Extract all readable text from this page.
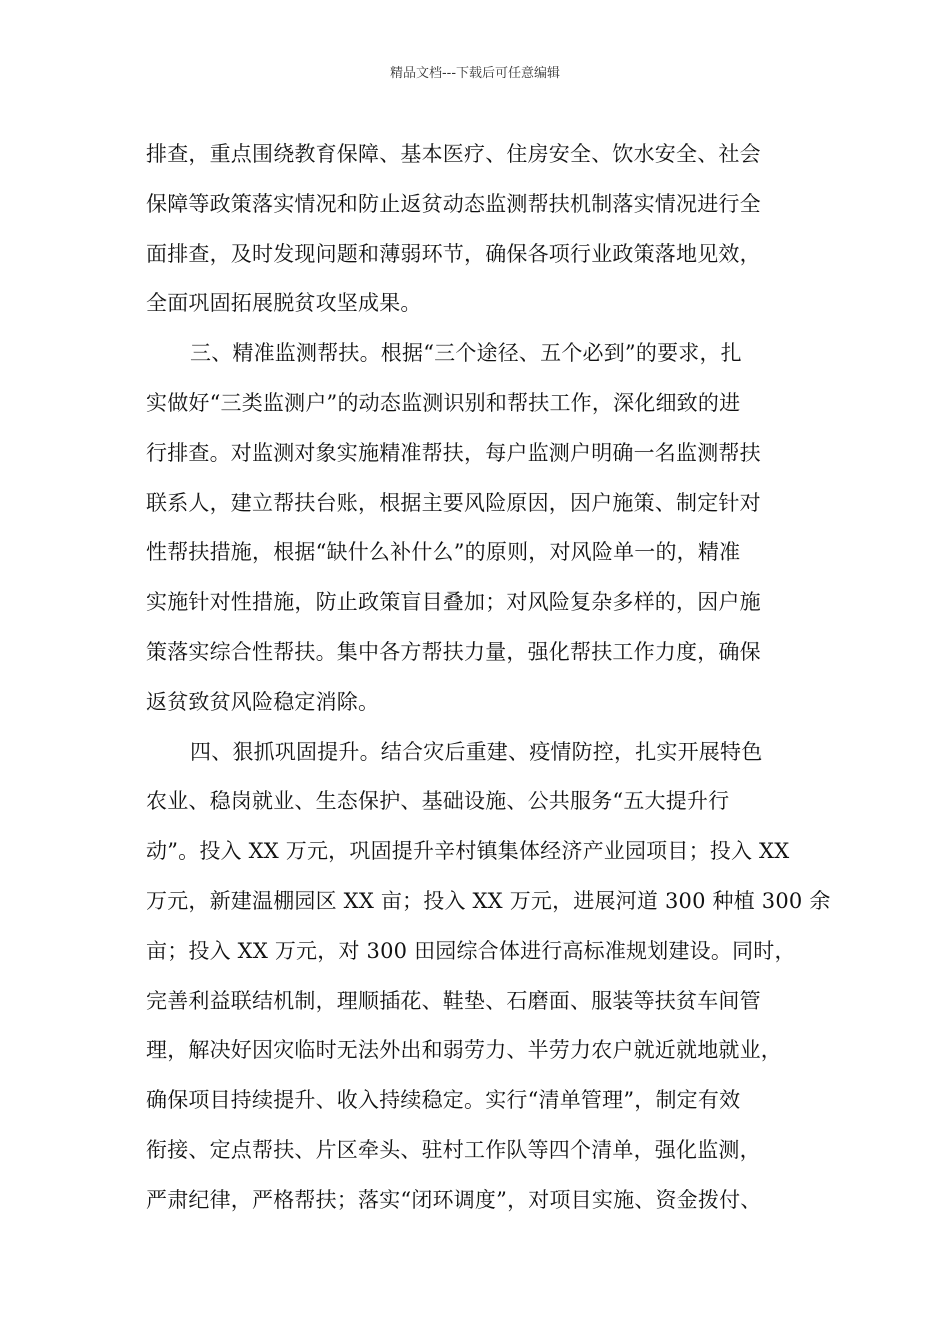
精品文档---下载后可任意编辑
排查，重点围绕教育保障、基本医疗、住房安全、饮水安全、社会
保障等政策落实情况和防止返贫动态监测帮扶机制落实情况进行全
面排查，及时发现问题和薄弱环节，确保各项行业政策落地见效，
全面巩固拓展脱贫攻坚成果。
三、精准监测帮扶。根据“三个途径、五个必到”的要求，扎
实做好“三类监测户”的动态监测识别和帮扶工作，深化细致的进
行排查。对监测对象实施精准帮扶，每户监测户明确一名监测帮扶
联系人，建立帮扶台账，根据主要风险原因，因户施策、制定针对
性帮扶措施，根据“缺什么补什么”的原则，对风险单一的，精准
实施针对性措施，防止政策盲目叠加；对风险复杂多样的，因户施
策落实综合性帮扶。集中各方帮扶力量，强化帮扶工作力度，确保
返贫致贫风险稳定消除。
四、狠抓巩固提升。结合灾后重建、疫情防控，扎实开展特色
农业、稳岗就业、生态保护、基础设施、公共服务“五大提升行
动”。投入 XX 万元，巩固提升辛村镇集体经济产业园项目；投入 XX
万元，新建温棚园区 XX 亩；投入 XX 万元，进展河道 300 种植 300 余
亩；投入 XX 万元，对 300 田园综合体进行高标准规划建设。同时，
完善利益联结机制，理顺插花、鞋垫、石磨面、服装等扶贫车间管
理，解决好因灾临时无法外出和弱劳力、半劳力农户就近就地就业，
确保项目持续提升、收入持续稳定。实行“清单管理”，制定有效
衔接、定点帮扶、片区牵头、驻村工作队等四个清单，强化监测，
严肃纪律，严格帮扶；落实“闭环调度”，对项目实施、资金拨付、
